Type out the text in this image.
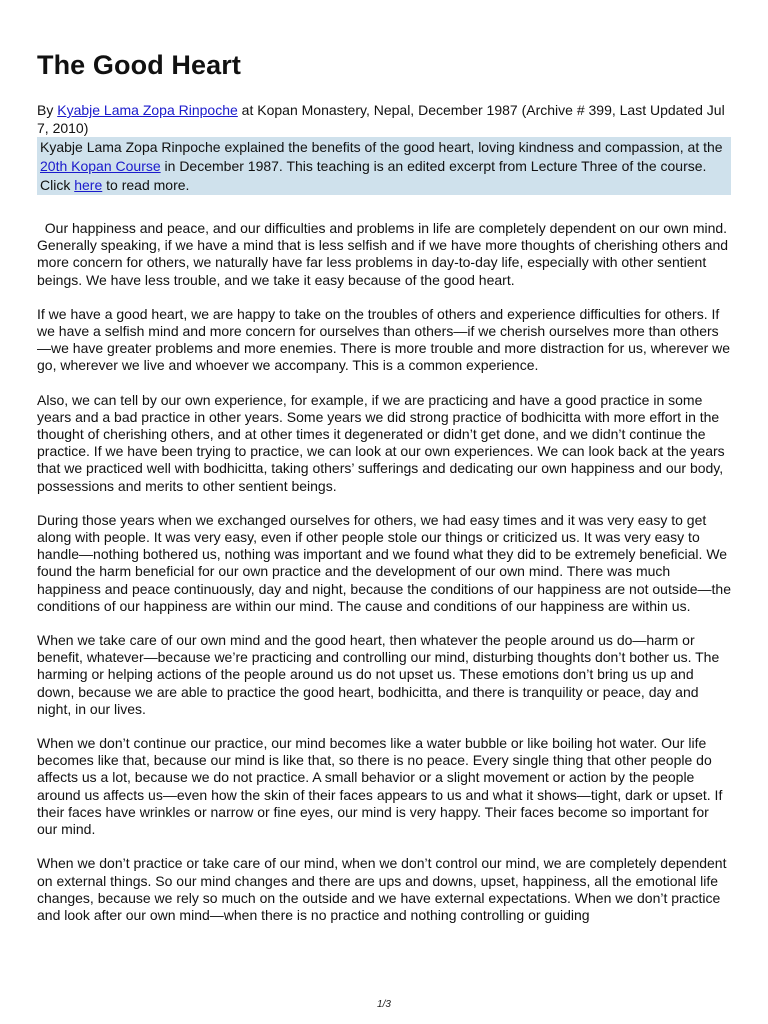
The Good Heart
By Kyabje Lama Zopa Rinpoche at Kopan Monastery, Nepal, December 1987 (Archive # 399, Last Updated Jul 7, 2010)
Kyabje Lama Zopa Rinpoche explained the benefits of the good heart, loving kindness and compassion, at the 20th Kopan Course in December 1987. This teaching is an edited excerpt from Lecture Three of the course. Click here to read more.

Our happiness and peace, and our difficulties and problems in life are completely dependent on our own mind. Generally speaking, if we have a mind that is less selfish and if we have more thoughts of cherishing others and more concern for others, we naturally have far less problems in day-to-day life, especially with other sentient beings. We have less trouble, and we take it easy because of the good heart.

If we have a good heart, we are happy to take on the troubles of others and experience difficulties for others. If we have a selfish mind and more concern for ourselves than others—if we cherish ourselves more than others—we have greater problems and more enemies. There is more trouble and more distraction for us, wherever we go, wherever we live and whoever we accompany. This is a common experience.

Also, we can tell by our own experience, for example, if we are practicing and have a good practice in some years and a bad practice in other years. Some years we did strong practice of bodhicitta with more effort in the thought of cherishing others, and at other times it degenerated or didn’t get done, and we didn’t continue the practice. If we have been trying to practice, we can look at our own experiences. We can look back at the years that we practiced well with bodhicitta, taking others’ sufferings and dedicating our own happiness and our body, possessions and merits to other sentient beings.

During those years when we exchanged ourselves for others, we had easy times and it was very easy to get along with people. It was very easy, even if other people stole our things or criticized us. It was very easy to handle—nothing bothered us, nothing was important and we found what they did to be extremely beneficial. We found the harm beneficial for our own practice and the development of our own mind. There was much happiness and peace continuously, day and night, because the conditions of our happiness are not outside—the conditions of our happiness are within our mind. The cause and conditions of our happiness are within us.

When we take care of our own mind and the good heart, then whatever the people around us do—harm or benefit, whatever—because we’re practicing and controlling our mind, disturbing thoughts don’t bother us. The harming or helping actions of the people around us do not upset us. These emotions don’t bring us up and down, because we are able to practice the good heart, bodhicitta, and there is tranquility or peace, day and night, in our lives.

When we don’t continue our practice, our mind becomes like a water bubble or like boiling hot water. Our life becomes like that, because our mind is like that, so there is no peace. Every single thing that other people do affects us a lot, because we do not practice. A small behavior or a slight movement or action by the people around us affects us—even how the skin of their faces appears to us and what it shows—tight, dark or upset. If their faces have wrinkles or narrow or fine eyes, our mind is very happy. Their faces become so important for our mind.

When we don’t practice or take care of our mind, when we don’t control our mind, we are completely dependent on external things. So our mind changes and there are ups and downs, upset, happiness, all the emotional life changes, because we rely so much on the outside and we have external expectations. When we don’t practice and look after our own mind—when there is no practice and nothing controlling or guiding

1/3
